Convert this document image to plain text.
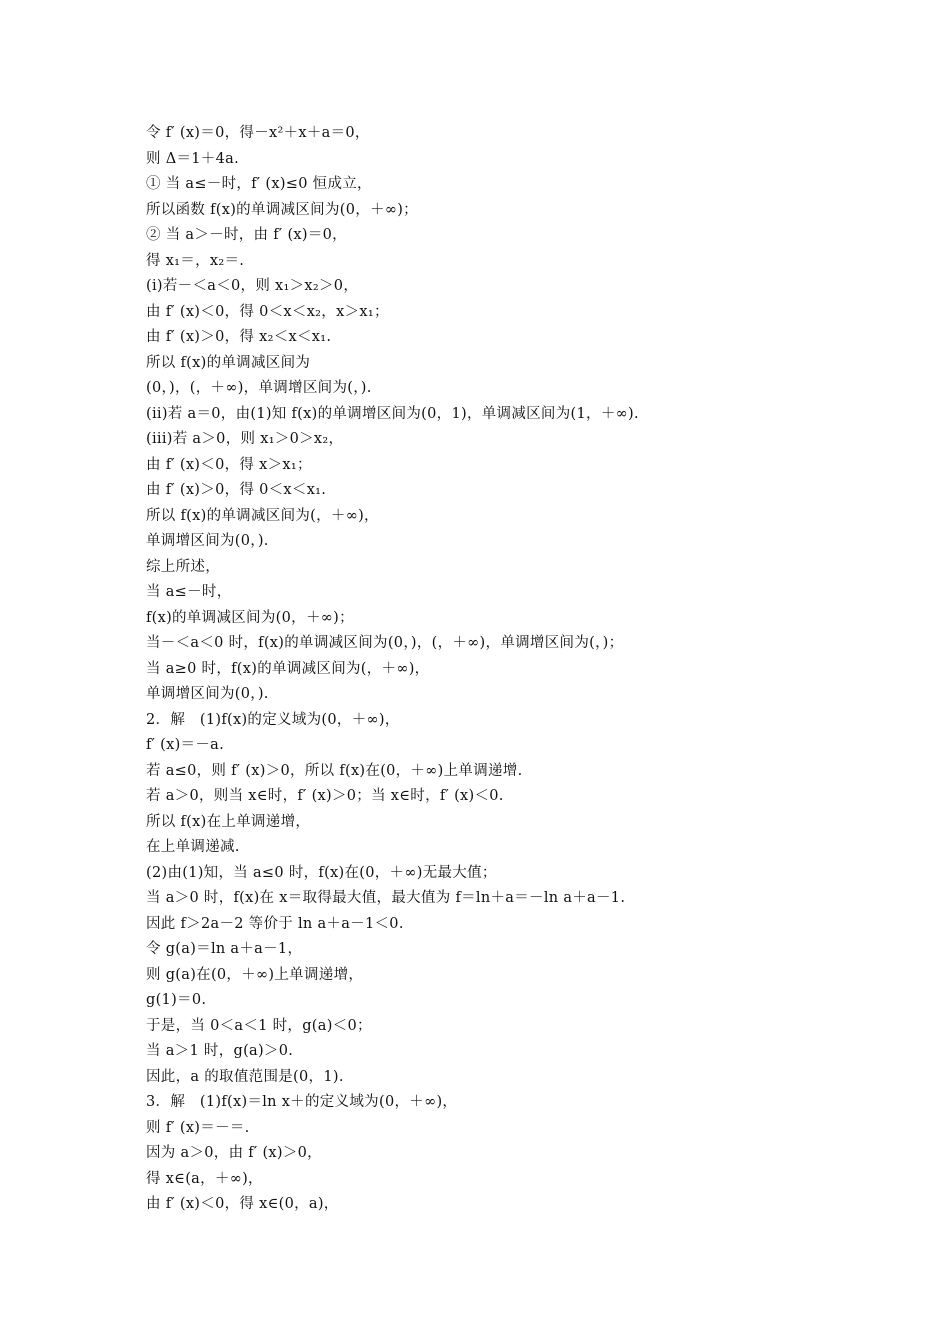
令 f′ (x)＝0，得－x²＋x＋a＝0，
则 Δ＝1＋4a.
① 当 a≤－时，f′ (x)≤0 恒成立，
所以函数 f(x)的单调减区间为(0，＋∞)；
② 当 a＞－时，由 f′ (x)＝0，
得 x₁＝，x₂＝.
(i)若－＜a＜0，则 x₁＞x₂＞0，
由 f′ (x)＜0，得 0＜x＜x₂，x＞x₁；
由 f′ (x)＞0，得 x₂＜x＜x₁.
所以 f(x)的单调减区间为
(0，)，(，＋∞)，单调增区间为(，).
(ii)若 a＝0，由(1)知 f(x)的单调增区间为(0，1)，单调减区间为(1，＋∞).
(iii)若 a＞0，则 x₁＞0＞x₂，
由 f′ (x)＜0，得 x＞x₁；
由 f′ (x)＞0，得 0＜x＜x₁.
所以 f(x)的单调减区间为(，＋∞)，
单调增区间为(0，).
综上所述，
当 a≤－时，
f(x)的单调减区间为(0，＋∞)；
当－＜a＜0 时，f(x)的单调减区间为(0，)，(，＋∞)，单调增区间为(，)；
当 a≥0 时，f(x)的单调减区间为(，＋∞)，
单调增区间为(0，).
2．解　(1)f(x)的定义域为(0，＋∞)，
f′ (x)＝－a.
若 a≤0，则 f′ (x)＞0，所以 f(x)在(0，＋∞)上单调递增.
若 a＞0，则当 x∈时，f′ (x)＞0；当 x∈时，f′ (x)＜0.
所以 f(x)在上单调递增，
在上单调递减.
(2)由(1)知，当 a≤0 时，f(x)在(0，＋∞)无最大值；
当 a＞0 时，f(x)在 x＝取得最大值，最大值为 f＝ln＋a＝－ln a＋a－1.
因此 f＞2a－2 等价于 ln a＋a－1＜0.
令 g(a)＝ln a＋a－1，
则 g(a)在(0，＋∞)上单调递增，
g(1)＝0.
于是，当 0＜a＜1 时，g(a)＜0；
当 a＞1 时，g(a)＞0.
因此，a 的取值范围是(0，1).
3．解　(1)f(x)＝ln x＋的定义域为(0，＋∞)，
则 f′ (x)＝－＝.
因为 a＞0，由 f′ (x)＞0，
得 x∈(a，＋∞)，
由 f′ (x)＜0，得 x∈(0，a)，
